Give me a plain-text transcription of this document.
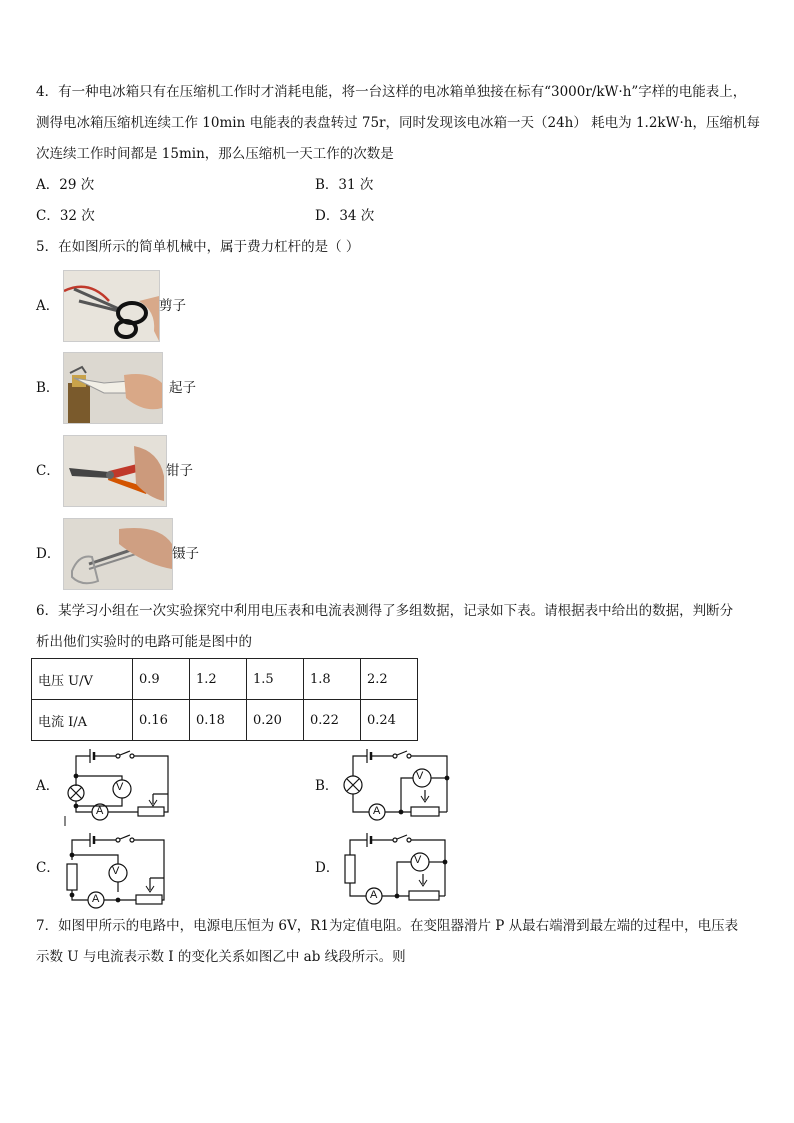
4．有一种电冰箱只有在压缩机工作时才消耗电能，将一台这样的电冰箱单独接在标有“3000r/kW·h”字样的电能表上，
测得电冰箱压缩机连续工作 10min 电能表的表盘转过 75r，同时发现该电冰箱一天（24h） 耗电为 1.2kW·h，压缩机每
次连续工作时间都是 15min，那么压缩机一天工作的次数是
A．29 次	B．31 次
C．32 次	D．34 次
5．在如图所示的简单机械中，属于费力杠杆的是（ ）
A．	剪子
B．	起子
C．	钳子
D．	镊子
6．某学习小组在一次实验探究中利用电压表和电流表测得了多组数据，记录如下表。请根据表中给出的数据，判断分
析出他们实验时的电路可能是图中的
电压 U/V	0.9	1.2	1.5	1.8	2.2
电流 I/A	0.16	0.18	0.20	0.22	0.24
A．	B．
C．	D．
V
A
V
A
V
A
V
A
7．如图甲所示的电路中，电源电压恒为 6V，R1为定值电阻。在变阻器滑片 P 从最右端滑到最左端的过程中，电压表
示数 U 与电流表示数 I 的变化关系如图乙中 ab 线段所示。则
